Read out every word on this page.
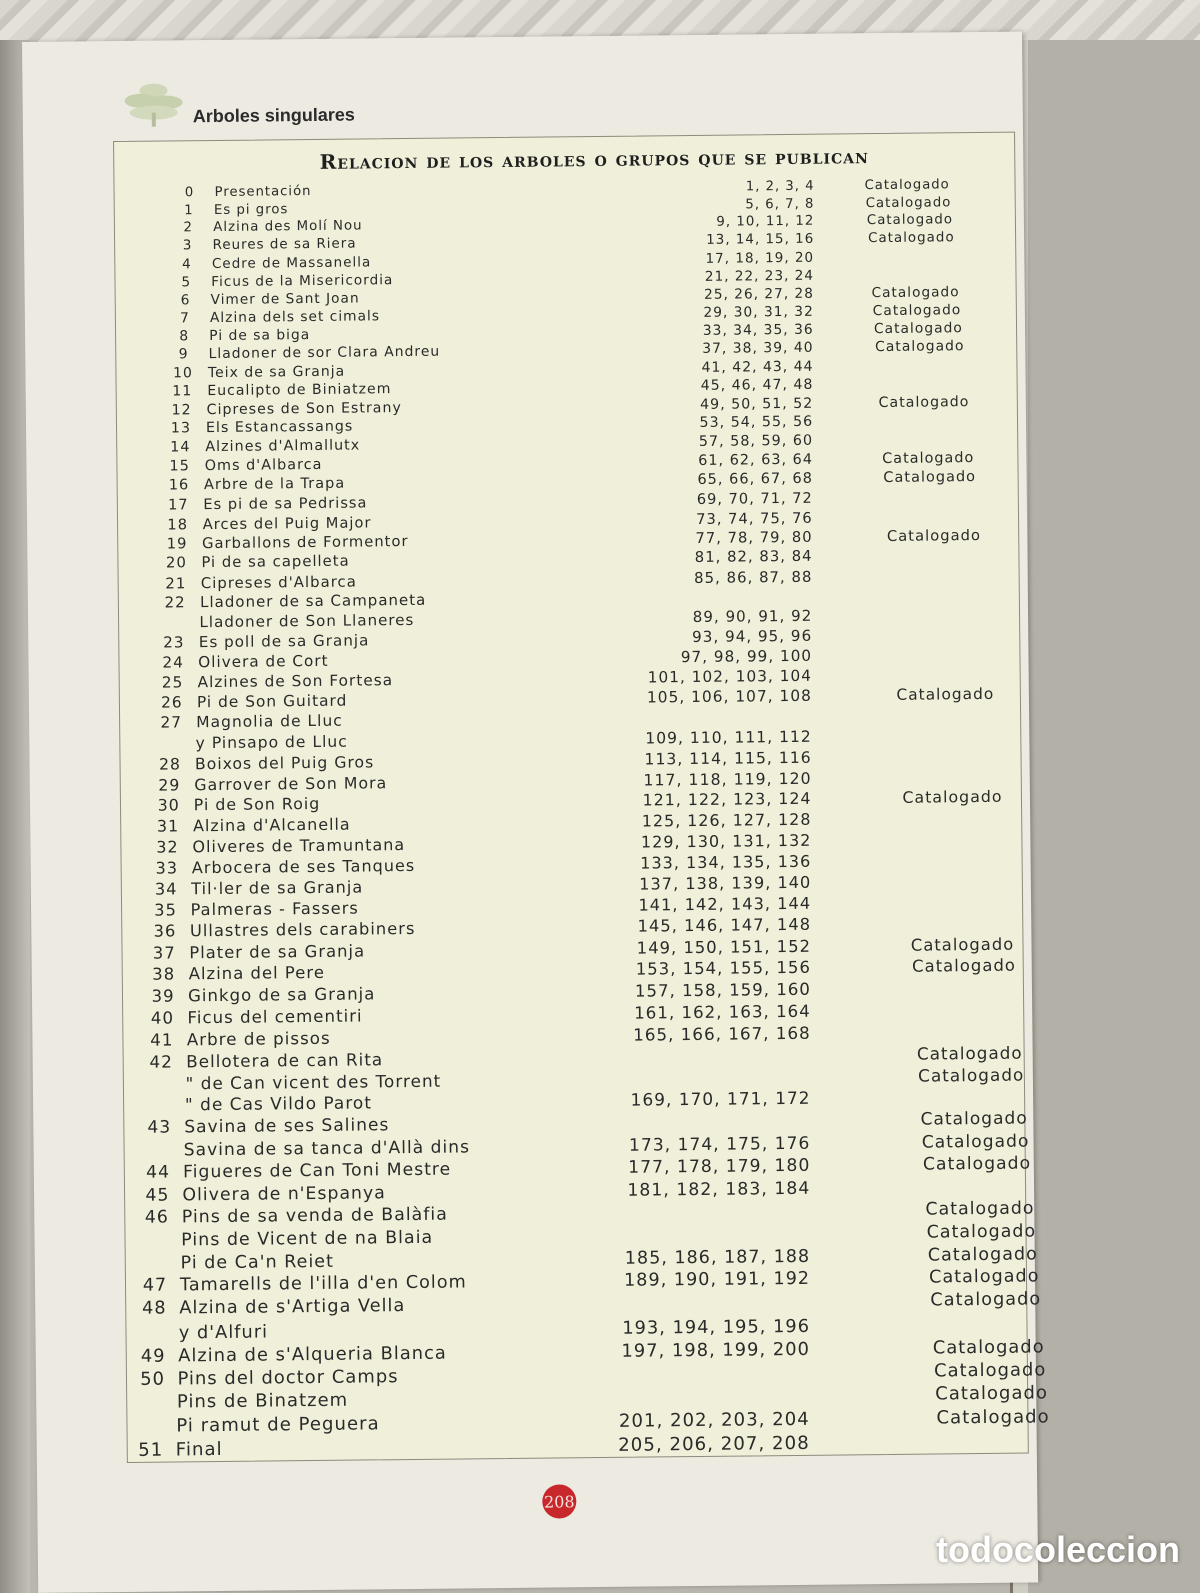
Arboles singulares
Relacion de los arboles o grupos que se publican
0	Presentación	1, 2, 3, 4	Catalogado
1	Es pi gros	5, 6, 7, 8	Catalogado
2	Alzina des Molí Nou	9, 10, 11, 12	Catalogado
3	Reures de sa Riera	13, 14, 15, 16	Catalogado
4	Cedre de Massanella	17, 18, 19, 20
5	Ficus de la Misericordia	21, 22, 23, 24
6	Vimer de Sant Joan	25, 26, 27, 28	Catalogado
7	Alzina dels set cimals	29, 30, 31, 32	Catalogado
8	Pi de sa biga	33, 34, 35, 36	Catalogado
9	Lladoner de sor Clara Andreu	37, 38, 39, 40	Catalogado
10	Teix de sa Granja	41, 42, 43, 44
11	Eucalipto de Biniatzem	45, 46, 47, 48
12	Cipreses de Son Estrany	49, 50, 51, 52	Catalogado
13	Els Estancassangs	53, 54, 55, 56
14	Alzines d'Almallutx	57, 58, 59, 60
15	Oms d'Albarca	61, 62, 63, 64	Catalogado
16	Arbre de la Trapa	65, 66, 67, 68	Catalogado
17 Es pi de sa Pedrissa	69, 70, 71, 72
18 Arces del Puig Major	73, 74, 75, 76
19 Garballons de Formentor	77, 78, 79, 80	Catalogado
20 Pi de sa capelleta	81, 82, 83, 84
21 Cipreses d'Albarca	85, 86, 87, 88
22 Lladoner de sa Campaneta
Lladoner de Son Llaneres	89, 90, 91, 92
23 Es poll de sa Granja	93, 94, 95, 96
24 Olivera de Cort	97, 98, 99, 100
25 Alzines de Son Fortesa	101, 102, 103, 104
26 Pi de Son Guitard	105, 106, 107, 108	Catalogado
27 Magnolia de Lluc
y Pinsapo de Lluc	109, 110, 111, 112
28 Boixos del Puig Gros	113, 114, 115, 116
29 Garrover de Son Mora	117, 118, 119, 120
30 Pi de Son Roig	121, 122, 123, 124	Catalogado
31 Alzina d'Alcanella	125, 126, 127, 128
32 Oliveres de Tramuntana	129, 130, 131, 132
33 Arbocera de ses Tanques	133, 134, 135, 136
34 Til·ler de sa Granja	137, 138, 139, 140
35 Palmeras - Fassers	141, 142, 143, 144
36 Ullastres dels carabiners	145, 146, 147, 148
37 Plater de sa Granja	149, 150, 151, 152	Catalogado
38 Alzina del Pere	153, 154, 155, 156	Catalogado
39 Ginkgo de sa Granja	157, 158, 159, 160
40 Ficus del cementiri	161, 162, 163, 164
41 Arbre de pissos	165, 166, 167, 168
42 Bellotera de can Rita	Catalogado
" de Can vicent des Torrent	Catalogado
" de Cas Vildo Parot	169, 170, 171, 172
43 Savina de ses Salines	Catalogado
Savina de sa tanca d'Allà dins	173, 174, 175, 176	Catalogado
44 Figueres de Can Toni Mestre	177, 178, 179, 180	Catalogado
45 Olivera de n'Espanya	181, 182, 183, 184
46 Pins de sa venda de Balàfia	Catalogado
Pins de Vicent de na Blaia	Catalogado
Pi de Ca'n Reiet	185, 186, 187, 188	Catalogado
47 Tamarells de l'illa d'en Colom	189, 190, 191, 192	Catalogado
48 Alzina de s'Artiga Vella	Catalogado
y d'Alfuri	193, 194, 195, 196
49 Alzina de s'Alqueria Blanca	197, 198, 199, 200	Catalogado
50 Pins del doctor Camps	Catalogado
Pins de Binatzem	Catalogado
Pi ramut de Peguera	201, 202, 203, 204	Catalogado
51 Final	205, 206, 207, 208
208
todocoleccion
